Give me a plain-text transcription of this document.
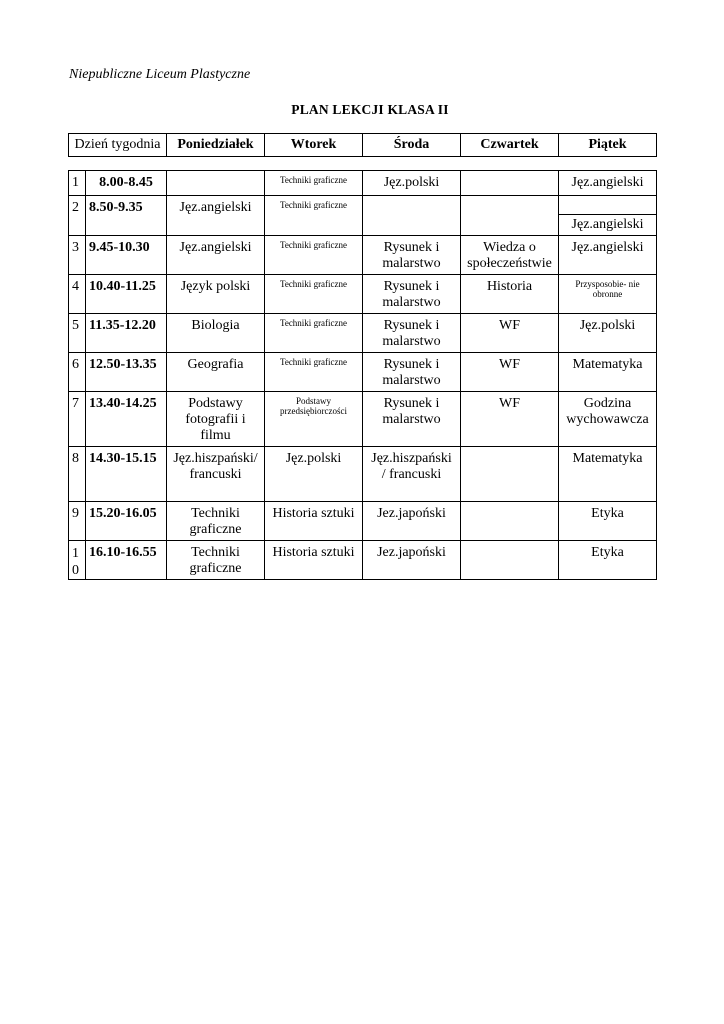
Niepubliczne Liceum Plastyczne
PLAN LEKCJI KLASA II
Dzień tygodnia	Poniedziałek	Wtorek	Środa	Czwartek	Piątek
1	8.00-8.45		Techniki graficzne	Jęz.polski		Jęz.angielski
2	8.50-9.35	Jęz.angielski	Techniki graficzne			
						Jęz.angielski
3	9.45-10.30	Jęz.angielski	Techniki graficzne	Rysunek i malarstwo	Wiedza o społeczeństwie	Jęz.angielski
4	10.40-11.25	Język polski	Techniki graficzne	Rysunek i malarstwo	Historia	Przysposobie- nie obronne
5	11.35-12.20	Biologia	Techniki graficzne	Rysunek i malarstwo	WF	Jęz.polski
6	12.50-13.35	Geografia	Techniki graficzne	Rysunek i malarstwo	WF	Matematyka
7	13.40-14.25	Podstawy fotografii i filmu	Podstawy przedsiębiorczości	Rysunek i malarstwo	WF	Godzina wychowawcza
8	14.30-15.15	Jęz.hiszpański/ francuski	Jęz.polski	Jęz.hiszpański / francuski		Matematyka
9	15.20-16.05	Techniki graficzne	Historia sztuki	Jez.japoński		Etyka
1 0	16.10-16.55	Techniki graficzne	Historia sztuki	Jez.japoński		Etyka
